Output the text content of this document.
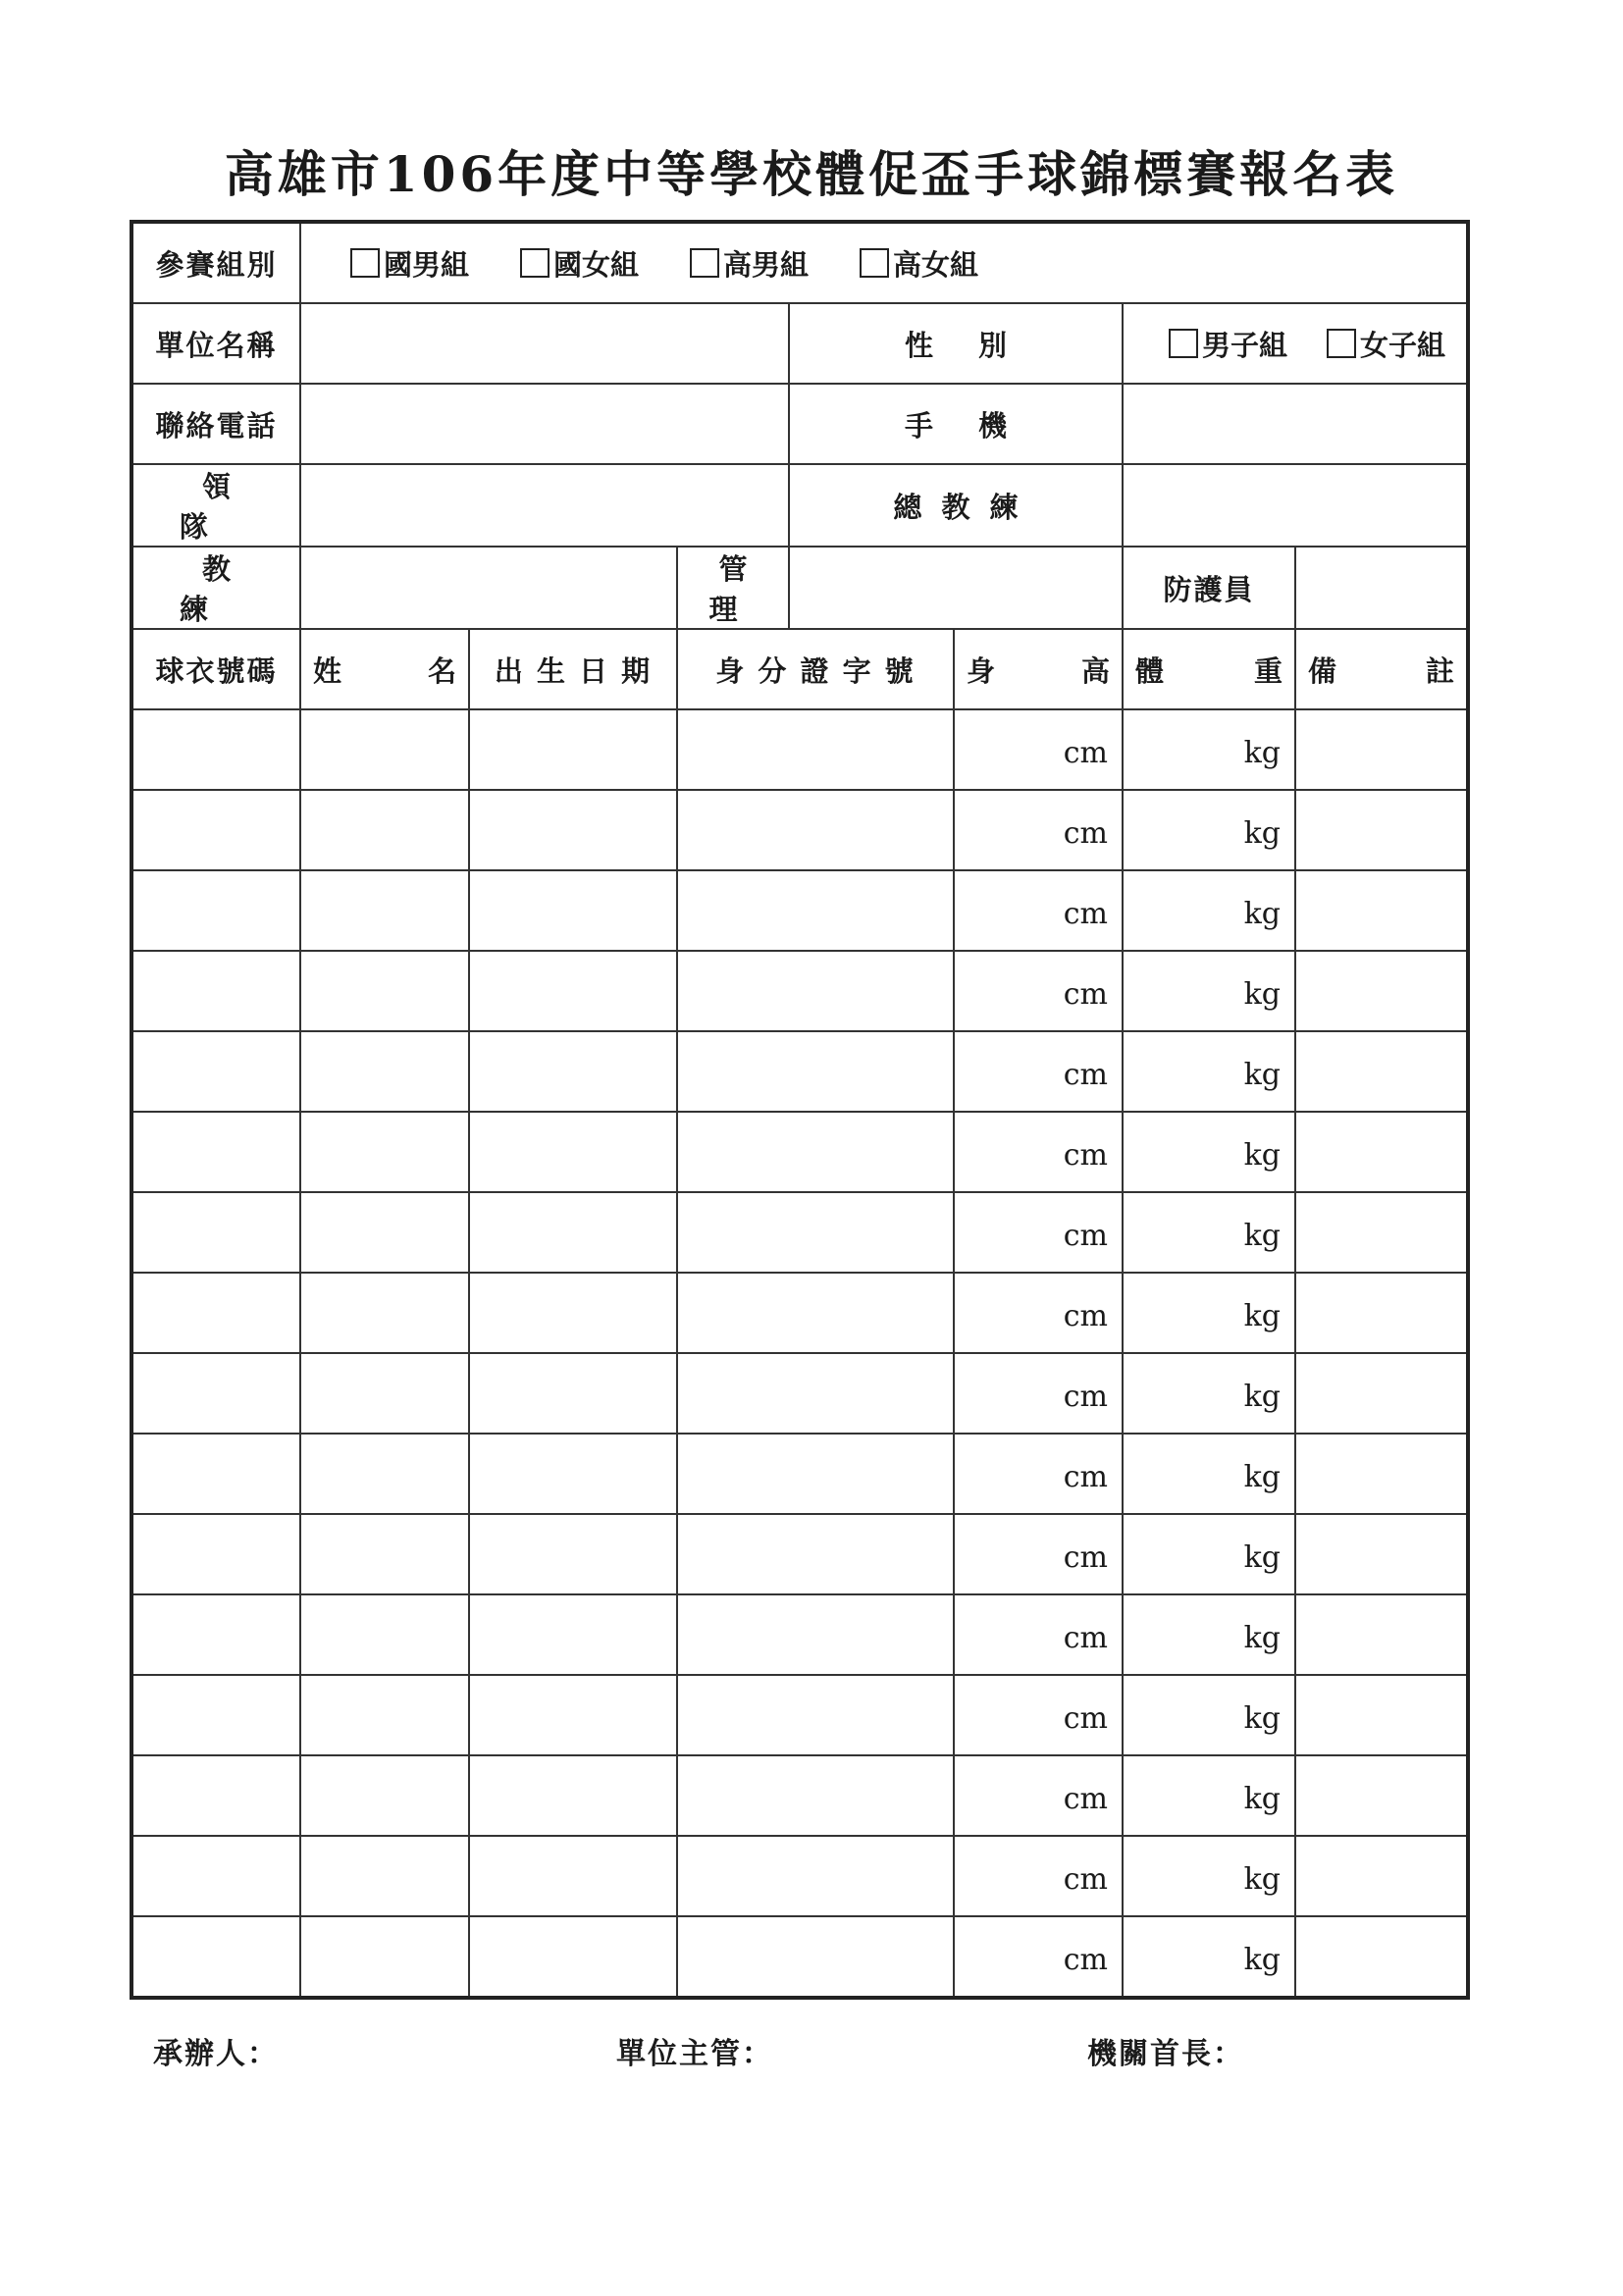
高雄市106年度中等學校體促盃手球錦標賽報名表
參賽組別	國男組 國女組 高男組 高女組						

單位名稱				性別		男子組 女子組	

聯絡電話				手機			

領隊				總教練			

教練			管理			防護員	

球衣號碼	姓 名	出 生 日 期	身 分 證 字 號		身 高	體 重	備 註

					cm	kg	

					cm	kg	

					cm	kg	

					cm	kg	

					cm	kg	

					cm	kg	

					cm	kg	

					cm	kg	

					cm	kg	

					cm	kg	

					cm	kg	

					cm	kg	

					cm	kg	

					cm	kg	

					cm	kg	

					cm	kg	

承辦人：	單位主管：	機關首長：
